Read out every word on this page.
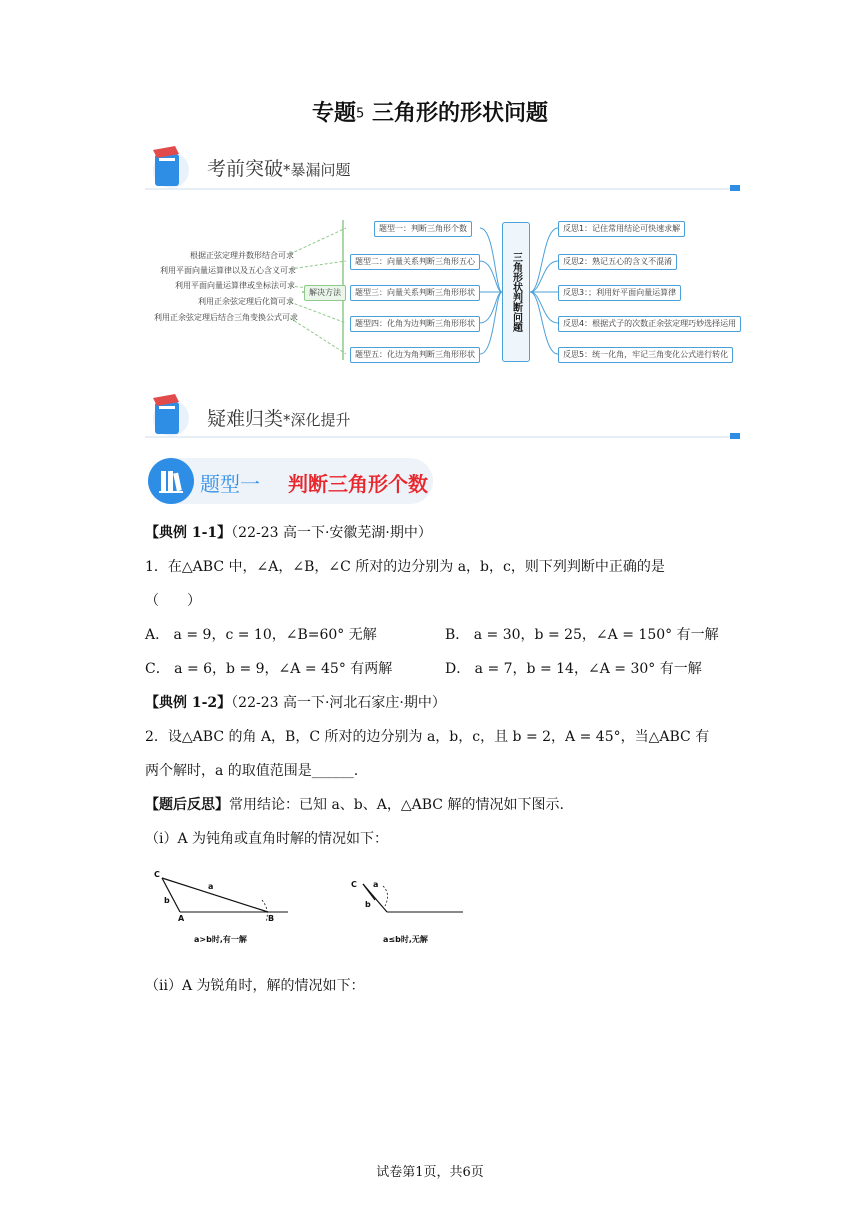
专题5 三角形的形状问题
考前突破*暴漏问题
根据正弦定理并数形结合可求
利用平面向量运算律以及五心含义可求
利用平面向量运算律或坐标法可求
利用正余弦定理后化简可求
利用正余弦定理后结合三角变换公式可求
解决方法
题型一：判断三角形个数
题型二：向量关系判断三角形五心
题型三：向量关系判断三角形形状
题型四：化角为边判断三角形形状
题型五：化边为角判断三角形形状
三角形状判断问题
反思1：记住常用结论可快速求解
反思2：熟记五心的含义不混淆
反思3：；利用好平面向量运算律
反思4：根据式子的次数正余弦定理巧妙选择运用
反思5：统一化角，牢记三角变化公式进行转化
疑难归类*深化提升
题型一 判断三角形个数
【典例 1-1】（22-23 高一下·安徽芜湖·期中）
1．在△ABC 中，∠A，∠B，∠C 所对的边分别为 a，b，c，则下列判断中正确的是
（　　）
A． a = 9，c = 10，∠B=60° 无解	B． a = 30，b = 25，∠A = 150° 有一解
C． a = 6，b = 9，∠A = 45° 有两解	D． a = 7，b = 14，∠A = 30° 有一解
【典例 1-2】（22-23 高一下·河北石家庄·期中）
2．设△ABC 的角 A，B，C 所对的边分别为 a，b，c，且 b = 2，A = 45°，当△ABC 有
两个解时，a 的取值范围是______.
【题后反思】常用结论：已知 a、b、A，△ABC 解的情况如下图示.
（i）A 为钝角或直角时解的情况如下：
C
a
b
A	B
a>b时,有一解
C a
b
a≤b时,无解
（ii）A 为锐角时，解的情况如下：
试卷第1页，共6页
